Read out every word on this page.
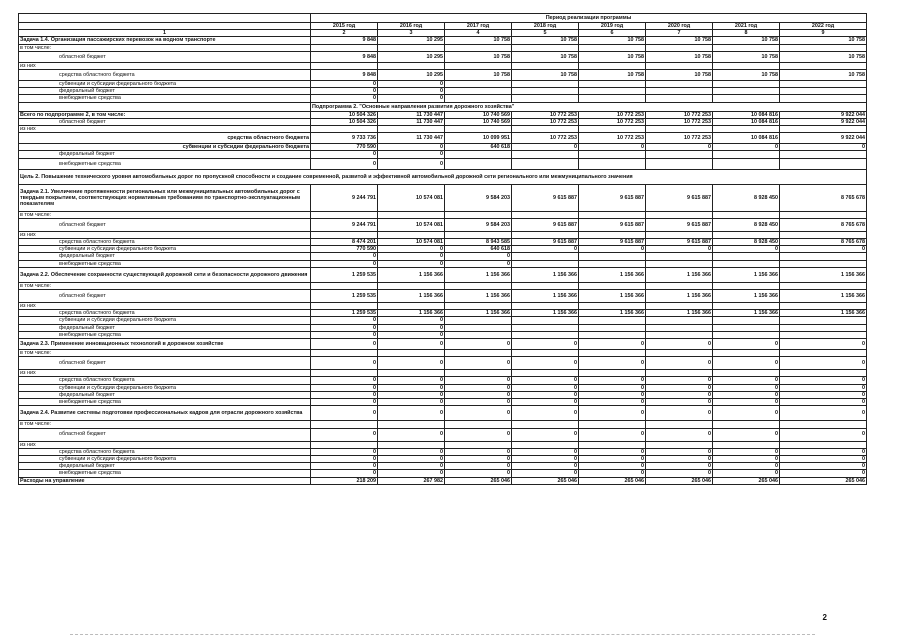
	Период реализации программы							
	2015 год	2016 год	2017 год	2018 год	2019 год	2020 год	2021 год	2022 год
1	2	3	4	5	6	7	8	9
Задача 1.4. Организация пассажирских перевозок на водном транспорте	9 848	10 295	10 758	10 758	10 758	10 758	10 758	10 758
в том числе:								
областной бюджет	9 848	10 295	10 758	10 758	10 758	10 758	10 758	10 758
из них								
средства областного бюджета	9 848	10 295	10 758	10 758	10 758	10 758	10 758	10 758
субвенции и субсидии федерального бюджета	0	0						
федеральный бюджет	0	0						
внебюджетные средства	0	0						
	Подпрограмма 2. "Основные направления развития дорожного хозяйства"							
Всего по подпрограмме 2, в том числе:	10 504 326	11 730 447	10 740 569	10 772 253	10 772 253	10 772 253	10 084 816	9 922 044
областной бюджет	10 504 326	11 730 447	10 740 569	10 772 253	10 772 253	10 772 253	10 084 816	9 922 044
из них								
средства областного бюджета	9 733 736	11 730 447	10 099 951	10 772 253	10 772 253	10 772 253	10 084 816	9 922 044
субвенции и субсидии федерального бюджета	770 590	0	640 618	0	0	0	0	0
федеральный бюджет	0	0						
внебюджетные средства	0	0						
Цель 2. Повышение технического уровня автомобильных дорог по пропускной способности и создание современной, развитой и эффективной автомобильной дорожной сети регионального или межмуниципального значения								
Задача 2.1. Увеличение протяженности региональных или межмуниципальных автомобильных дорог с твердым покрытием, соответствующих нормативным требованиям по транспортно-эксплуатационным показателям	9 244 791	10 574 081	9 584 203	9 615 887	9 615 887	9 615 887	8 928 450	8 765 678
в том числе:								
областной бюджет	9 244 791	10 574 081	9 584 203	9 615 887	9 615 887	9 615 887	8 928 450	8 765 678
из них								
средства областного бюджета	8 474 201	10 574 081	8 943 585	9 615 887	9 615 887	9 615 887	8 928 450	8 765 678
субвенции и субсидии федерального бюджета	770 590	0	640 618	0	0	0	0	0
федеральный бюджет	0	0	0					
внебюджетные средства	0	0	0					
Задача 2.2. Обеспечение сохранности существующей дорожной сети и безопасности дорожного движения	1 259 535	1 156 366	1 156 366	1 156 366	1 156 366	1 156 366	1 156 366	1 156 366
в том числе:								
областной бюджет	1 259 535	1 156 366	1 156 366	1 156 366	1 156 366	1 156 366	1 156 366	1 156 366
из них								
средства областного бюджета	1 259 535	1 156 366	1 156 366	1 156 366	1 156 366	1 156 366	1 156 366	1 156 366
субвенции и субсидии федерального бюджета	0	0						
федеральный бюджет	0	0						
внебюджетные средства	0	0						
Задача 2.3. Применение инновационных технологий в дорожном хозяйстве	0	0	0	0	0	0	0	0
в том числе:								
областной бюджет	0	0	0	0	0	0	0	0
из них								
средства областного бюджета	0	0	0	0	0	0	0	0
субвенции и субсидии федерального бюджета	0	0	0	0	0	0	0	0
федеральный бюджет	0	0	0	0	0	0	0	0
внебюджетные средства	0	0	0	0	0	0	0	0
Задача 2.4. Развитие системы подготовки профессиональных кадров для отрасли дорожного хозяйства	0	0	0	0	0	0	0	0
в том числе:								
областной бюджет	0	0	0	0	0	0	0	0
из них								
средства областного бюджета	0	0	0	0	0	0	0	0
субвенции и субсидии федерального бюджета	0	0	0	0	0	0	0	0
федеральный бюджет	0	0	0	0	0	0	0	0
внебюджетные средства	0	0	0	0	0	0	0	0
Расходы на управление	218 209	267 982	265 046	265 046	265 046	265 046	265 046	265 046
2
